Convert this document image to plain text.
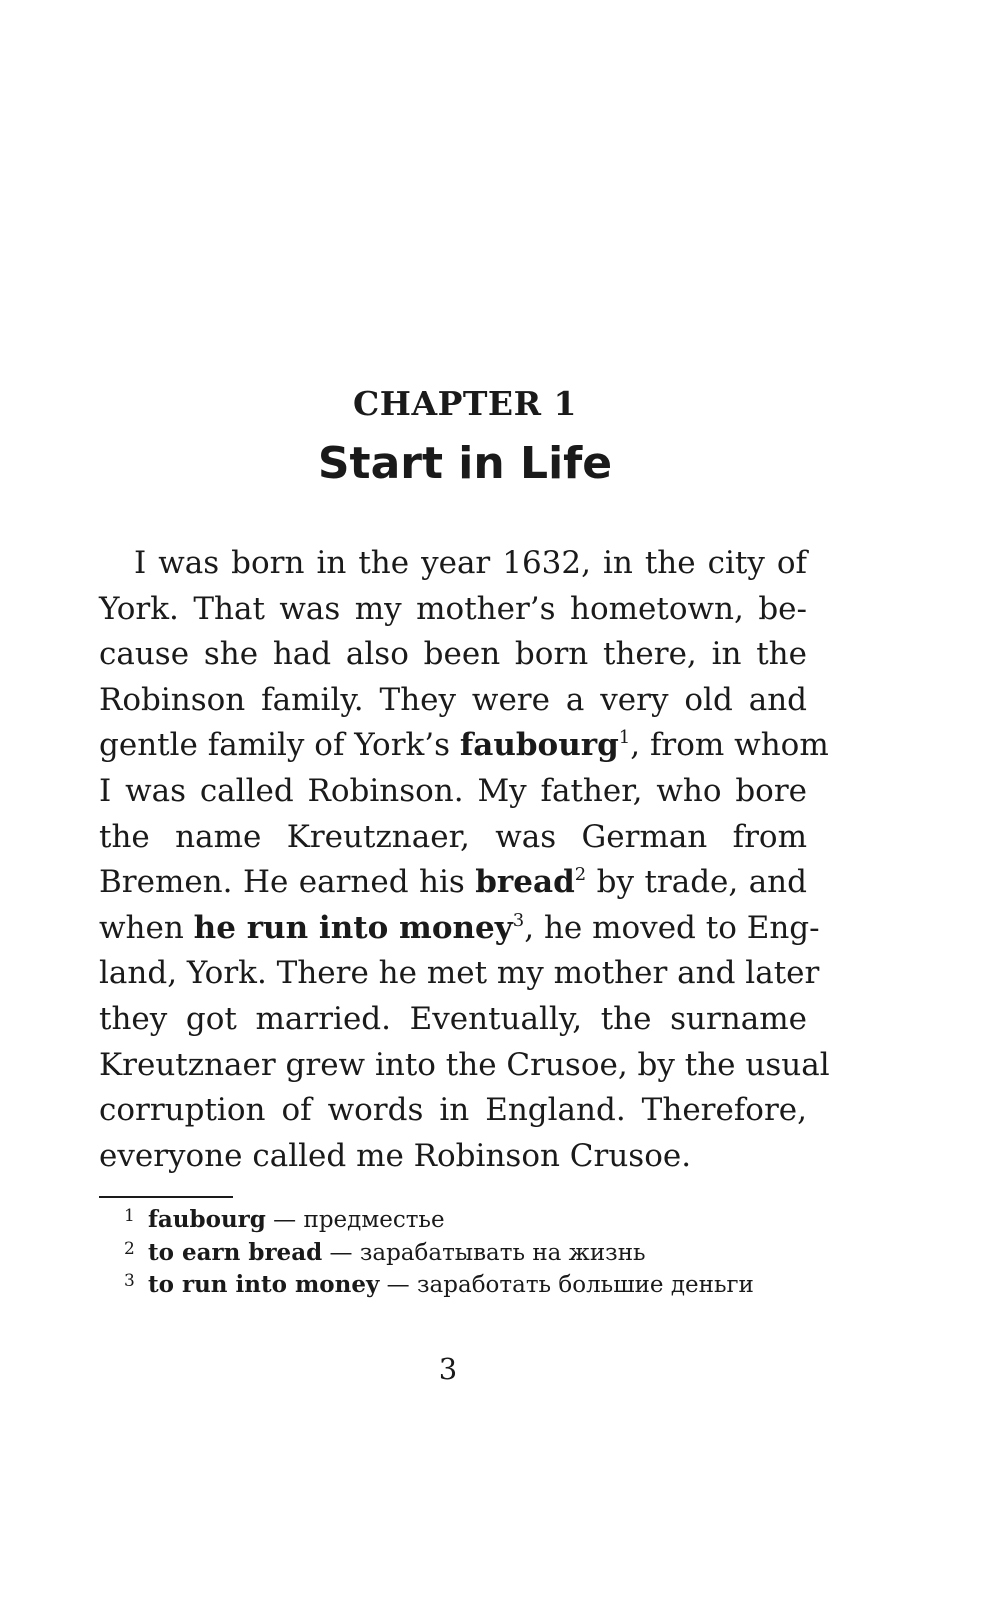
CHAPTER 1
Start in Life
I was born in the year 1632, in the city of
York. That was my mother’s hometown, be-
cause she had also been born there, in the
Robinson family. They were a very old and
gentle family of York’s faubourg$^1$, from whom
I was called Robinson. My father, who bore
the name Kreutznaer, was German from
Bremen. He earned his bread$^2$ by trade, and
when he run into money$^3$, he moved to Eng-
land, York. There he met my mother and later
they got married. Eventually, the surname
Kreutznaer grew into the Crusoe, by the usual
corruption of words in England. Therefore,
everyone called me Robinson Crusoe.
1 faubourg — предместье
2 to earn bread — зарабатывать на жизнь
3 to run into money — заработать большие деньги
3
